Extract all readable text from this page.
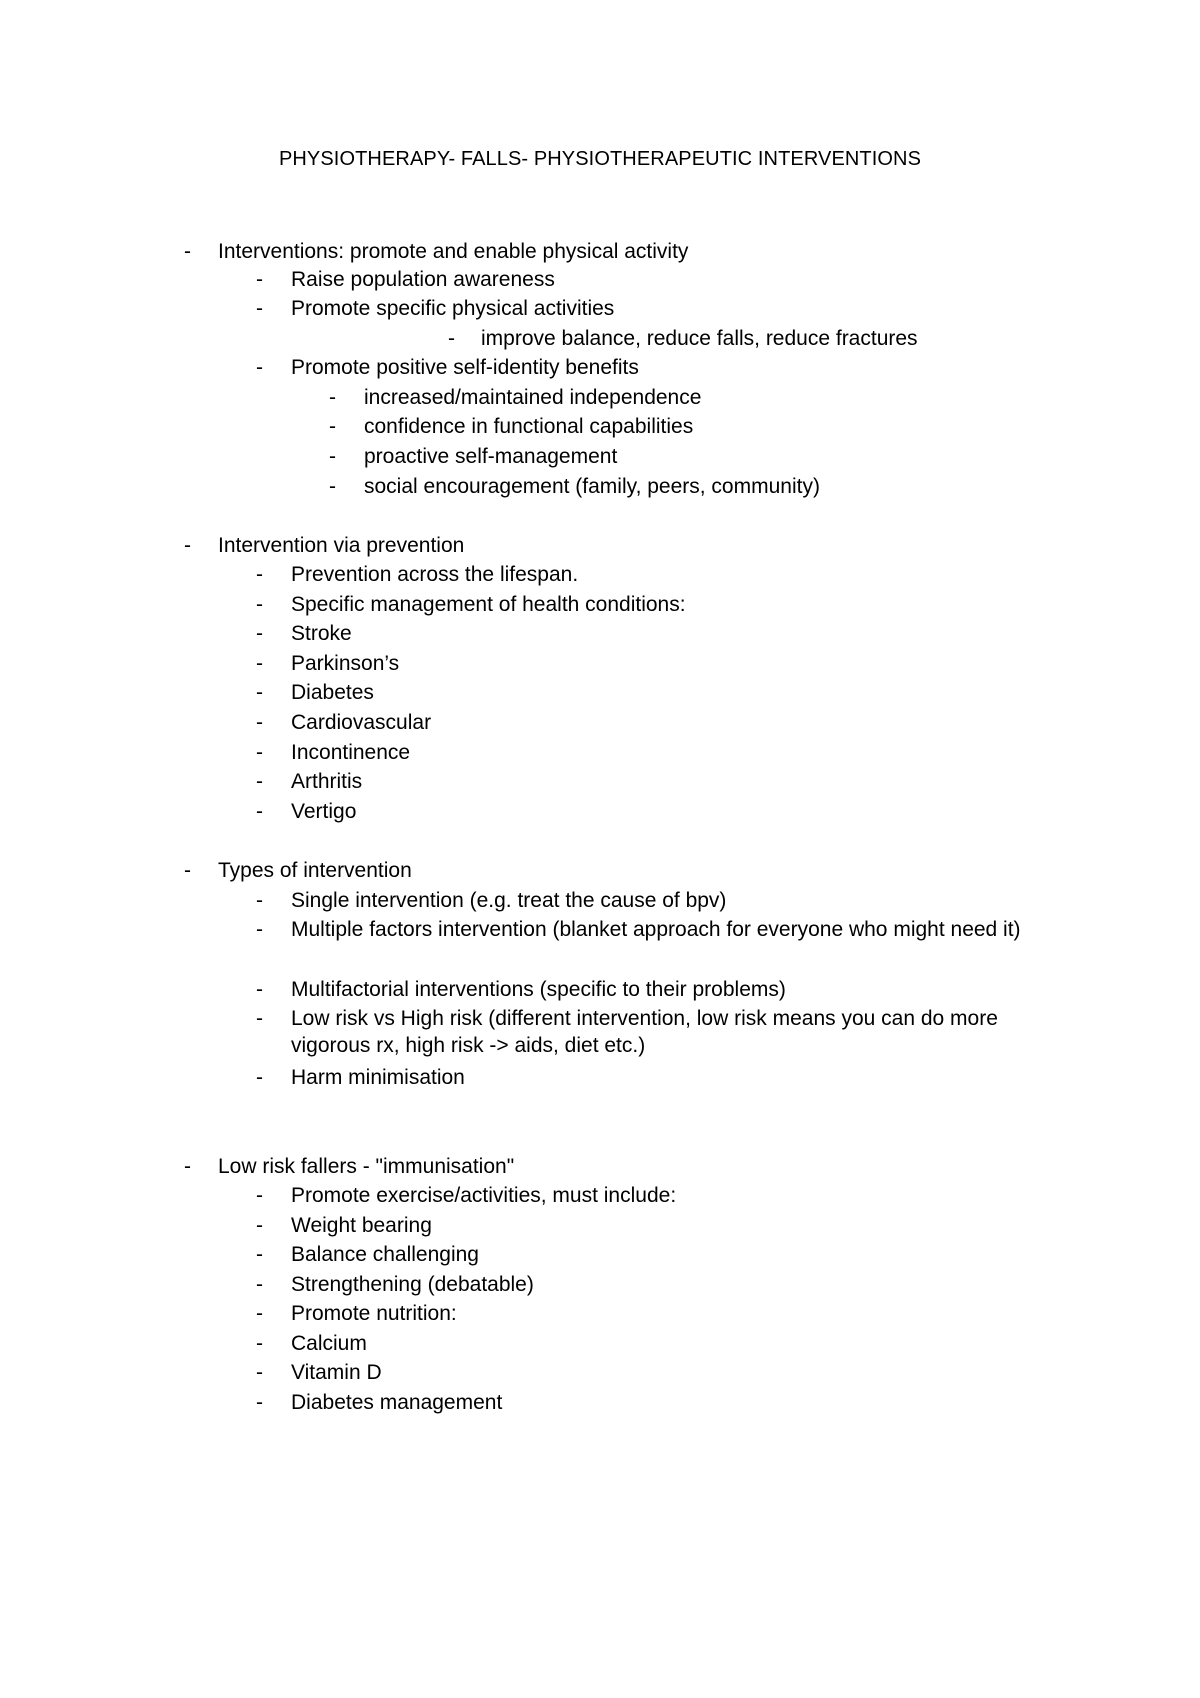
PHYSIOTHERAPY- FALLS- PHYSIOTHERAPEUTIC INTERVENTIONS
- Interventions: promote and enable physical activity
- Raise population awareness
- Promote specific physical activities
- improve balance, reduce falls, reduce fractures
- Promote positive self-identity benefits
- increased/maintained independence
- confidence in functional capabilities
- proactive self-management
- social encouragement (family, peers, community)
- Intervention via prevention
- Prevention across the lifespan.
- Specific management of health conditions:
- Stroke
- Parkinson’s
- Diabetes
- Cardiovascular
- Incontinence
- Arthritis
- Vertigo
- Types of intervention
- Single intervention (e.g. treat the cause of bpv)
- Multiple factors intervention (blanket approach for everyone who might need it)
- Multifactorial interventions (specific to their problems)
- Low risk vs High risk (different intervention, low risk means you can do more vigorous rx, high risk -> aids, diet etc.)
- Harm minimisation
- Low risk fallers - "immunisation"
- Promote exercise/activities, must include:
- Weight bearing
- Balance challenging
- Strengthening (debatable)
- Promote nutrition:
- Calcium
- Vitamin D
- Diabetes management
